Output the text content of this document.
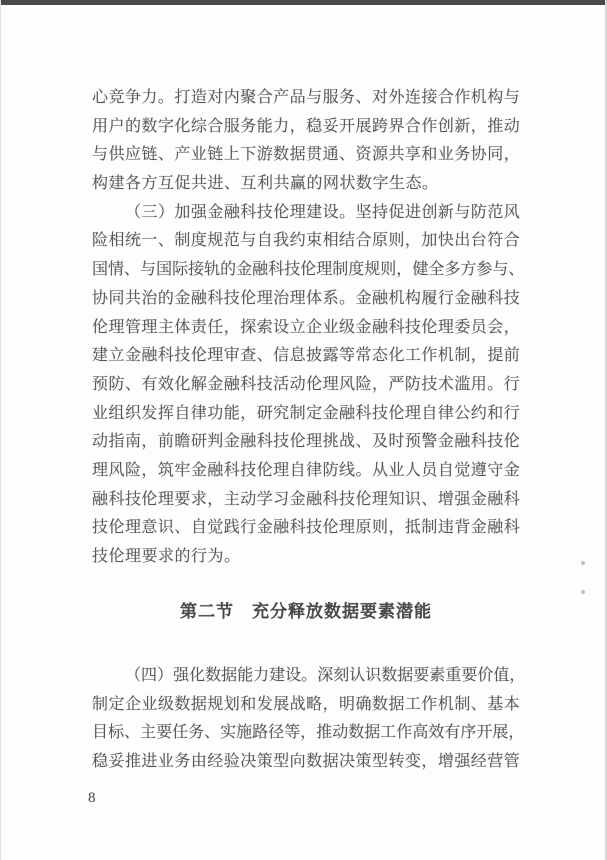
心 竞 争 力 。 打 造 对 内 聚 合 产 品 与 服 务 、 对 外 连 接 合 作 机 构 与
用 户 的 数 字 化 综 合 服 务 能 力 ， 稳 妥 开 展 跨 界 合 作 创 新 ， 推 动
与 供 应 链 、 产 业 链 上 下 游 数 据 贯 通 、 资 源 共 享 和 业 务 协 同 ，
构建各方互促共进、互利共赢的网状数字生态。
（ 三 ） 加 强 金 融 科 技 伦 理 建 设 。 坚 持 促 进 创 新 与 防 范 风
险 相 统 一 、 制 度 规 范 与 自 我 约 束 相 结 合 原 则 ， 加 快 出 台 符 合
国 情 、 与 国 际 接 轨 的 金 融 科 技 伦 理 制 度 规 则 ， 健 全 多 方 参 与 、
协 同 共 治 的 金 融 科 技 伦 理 治 理 体 系 。 金 融 机 构 履 行 金 融 科 技
伦 理 管 理 主 体 责 任 ， 探 索 设 立 企 业 级 金 融 科 技 伦 理 委 员 会 ，
建 立 金 融 科 技 伦 理 审 查 、 信 息 披 露 等 常 态 化 工 作 机 制 ， 提 前
预 防 、 有 效 化 解 金 融 科 技 活 动 伦 理 风 险 ， 严 防 技 术 滥 用 。 行
业 组 织 发 挥 自 律 功 能 ， 研 究 制 定 金 融 科 技 伦 理 自 律 公 约 和 行
动 指 南 ， 前 瞻 研 判 金 融 科 技 伦 理 挑 战 、 及 时 预 警 金 融 科 技 伦
理 风 险 ， 筑 牢 金 融 科 技 伦 理 自 律 防 线 。 从 业 人 员 自 觉 遵 守 金
融 科 技 伦 理 要 求 ， 主 动 学 习 金 融 科 技 伦 理 知 识 、 增 强 金 融 科
技 伦 理 意 识 、 自 觉 践 行 金 融 科 技 伦 理 原 则 ， 抵 制 违 背 金 融 科
技伦理要求的行为。
第二节　充分释放数据要素潜能
（ 四 ） 强 化 数 据 能 力 建 设 。 深 刻 认 识 数 据 要 素 重 要 价 值 ，
制 定 企 业 级 数 据 规 划 和 发 展 战 略 ， 明 确 数 据 工 作 机 制 、 基 本
目 标 、 主 要 任 务 、 实 施 路 径 等 ， 推 动 数 据 工 作 高 效 有 序 开 展 ，
稳 妥 推 进 业 务 由 经 验 决 策 型 向 数 据 决 策 型 转 变 ， 增 强 经 营 管
8
